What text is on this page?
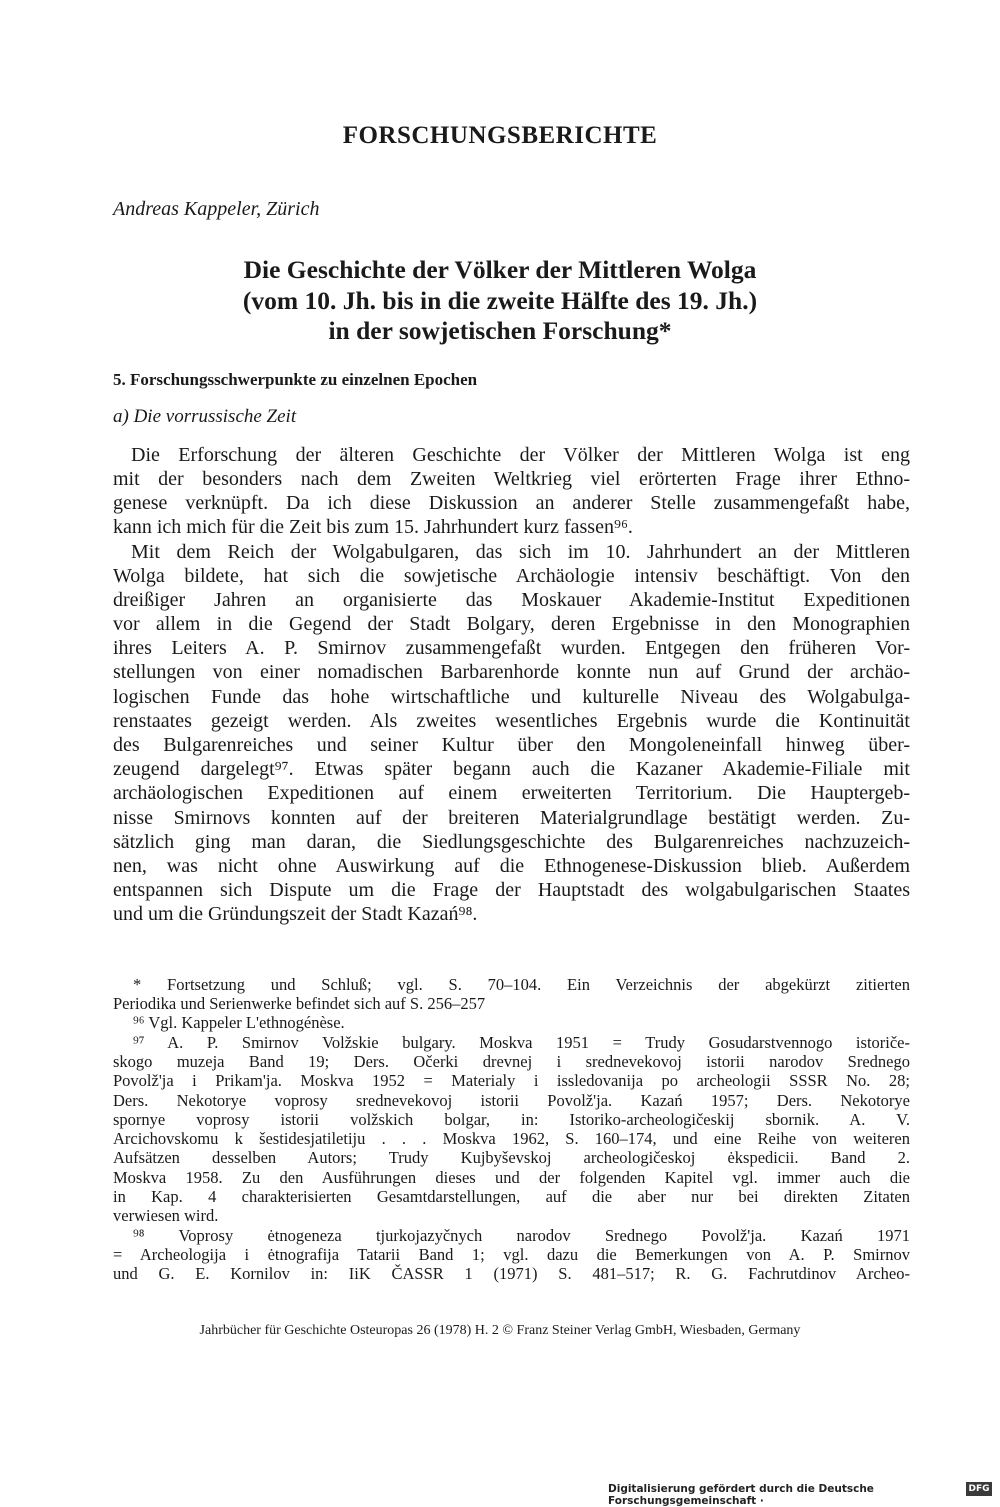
FORSCHUNGSBERICHTE
Andreas Kappeler, Zürich
Die Geschichte der Völker der Mittleren Wolga
(vom 10. Jh. bis in die zweite Hälfte des 19. Jh.)
in der sowjetischen Forschung*
5. Forschungsschwerpunkte zu einzelnen Epochen
a) Die vorrussische Zeit
Die Erforschung der älteren Geschichte der Völker der Mittleren Wolga ist eng
mit der besonders nach dem Zweiten Weltkrieg viel erörterten Frage ihrer Ethno-
genese verknüpft. Da ich diese Diskussion an anderer Stelle zusammengefaßt habe,
kann ich mich für die Zeit bis zum 15. Jahrhundert kurz fassen⁹⁶.
Mit dem Reich der Wolgabulgaren, das sich im 10. Jahrhundert an der Mittleren
Wolga bildete, hat sich die sowjetische Archäologie intensiv beschäftigt. Von den
dreißiger Jahren an organisierte das Moskauer Akademie-Institut Expeditionen
vor allem in die Gegend der Stadt Bolgary, deren Ergebnisse in den Monographien
ihres Leiters A. P. Smirnov zusammengefaßt wurden. Entgegen den früheren Vor-
stellungen von einer nomadischen Barbarenhorde konnte nun auf Grund der archäo-
logischen Funde das hohe wirtschaftliche und kulturelle Niveau des Wolgabulga-
renstaates gezeigt werden. Als zweites wesentliches Ergebnis wurde die Kontinuität
des Bulgarenreiches und seiner Kultur über den Mongoleneinfall hinweg über-
zeugend dargelegt⁹⁷. Etwas später begann auch die Kazaner Akademie-Filiale mit
archäologischen Expeditionen auf einem erweiterten Territorium. Die Hauptergeb-
nisse Smirnovs konnten auf der breiteren Materialgrundlage bestätigt werden. Zu-
sätzlich ging man daran, die Siedlungsgeschichte des Bulgarenreiches nachzuzeich-
nen, was nicht ohne Auswirkung auf die Ethnogenese-Diskussion blieb. Außerdem
entspannen sich Dispute um die Frage der Hauptstadt des wolgabulgarischen Staates
und um die Gründungszeit der Stadt Kazań⁹⁸.
* Fortsetzung und Schluß; vgl. S. 70–104. Ein Verzeichnis der abgekürzt zitierten
Periodika und Serienwerke befindet sich auf S. 256–257
⁹⁶ Vgl. Kappeler L'ethnogénèse.
⁹⁷ A. P. Smirnov Volžskie bulgary. Moskva 1951 = Trudy Gosudarstvennogo istoriče-
skogo muzeja Band 19; Ders. Očerki drevnej i srednevekovoj istorii narodov Srednego
Povolž'ja i Prikam'ja. Moskva 1952 = Materialy i issledovanija po archeologii SSSR No. 28;
Ders. Nekotorye voprosy srednevekovoj istorii Povolž'ja. Kazań 1957; Ders. Nekotorye
spornye voprosy istorii volžskich bolgar, in: Istoriko-archeologičeskij sbornik. A. V.
Arcichovskomu k šestidesjatiletiju . . . Moskva 1962, S. 160–174, und eine Reihe von weiteren
Aufsätzen desselben Autors; Trudy Kujbyševskoj archeologičeskoj ėkspedicii. Band 2.
Moskva 1958. Zu den Ausführungen dieses und der folgenden Kapitel vgl. immer auch die
in Kap. 4 charakterisierten Gesamtdarstellungen, auf die aber nur bei direkten Zitaten
verwiesen wird.
⁹⁸ Voprosy ėtnogeneza tjurkojazyčnych narodov Srednego Povolž'ja. Kazań 1971
= Archeologija i ėtnografija Tatarii Band 1; vgl. dazu die Bemerkungen von A. P. Smirnov
und G. E. Kornilov in: IiK ČASSR 1 (1971) S. 481–517; R. G. Fachrutdinov Archeo-
Jahrbücher für Geschichte Osteuropas 26 (1978) H. 2 © Franz Steiner Verlag GmbH, Wiesbaden, Germany
Digitalisierung gefördert durch die Deutsche Forschungsgemeinschaft ·
DFG
